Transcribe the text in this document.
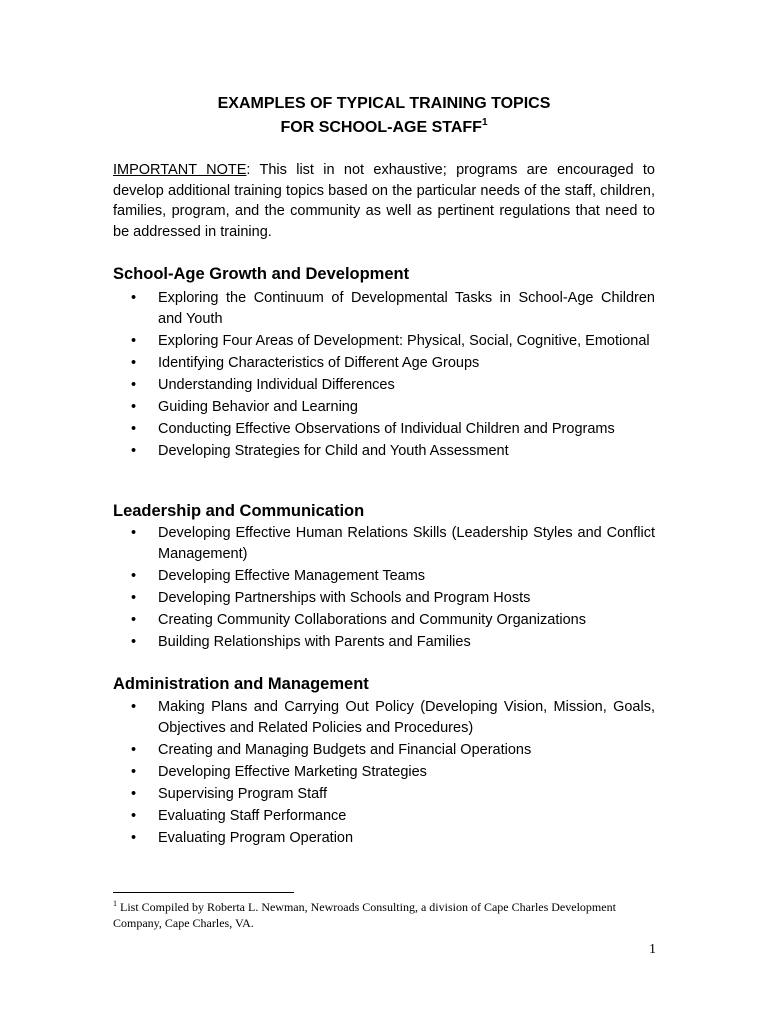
EXAMPLES OF TYPICAL TRAINING TOPICS
FOR SCHOOL-AGE STAFF$^1$
IMPORTANT NOTE: This list in not exhaustive; programs are encouraged to develop additional training topics based on the particular needs of the staff, children, families, program, and the community as well as pertinent regulations that need to be addressed in training.
School-Age Growth and Development
• Exploring the Continuum of Developmental Tasks in School-Age Children and Youth
• Exploring Four Areas of Development: Physical, Social, Cognitive, Emotional
• Identifying Characteristics of Different Age Groups
• Understanding Individual Differences
• Guiding Behavior and Learning
• Conducting Effective Observations of Individual Children and Programs
• Developing Strategies for Child and Youth Assessment
Leadership and Communication
• Developing Effective Human Relations Skills (Leadership Styles and Conflict Management)
• Developing Effective Management Teams
• Developing Partnerships with Schools and Program Hosts
• Creating Community Collaborations and Community Organizations
• Building Relationships with Parents and Families
Administration and Management
• Making Plans and Carrying Out Policy (Developing Vision, Mission, Goals, Objectives and Related Policies and Procedures)
• Creating and Managing Budgets and Financial Operations
• Developing Effective Marketing Strategies
• Supervising Program Staff
• Evaluating Staff Performance
• Evaluating Program Operation
$^1$ List Compiled by Roberta L. Newman, Newroads Consulting, a division of Cape Charles Development Company, Cape Charles, VA.
1
